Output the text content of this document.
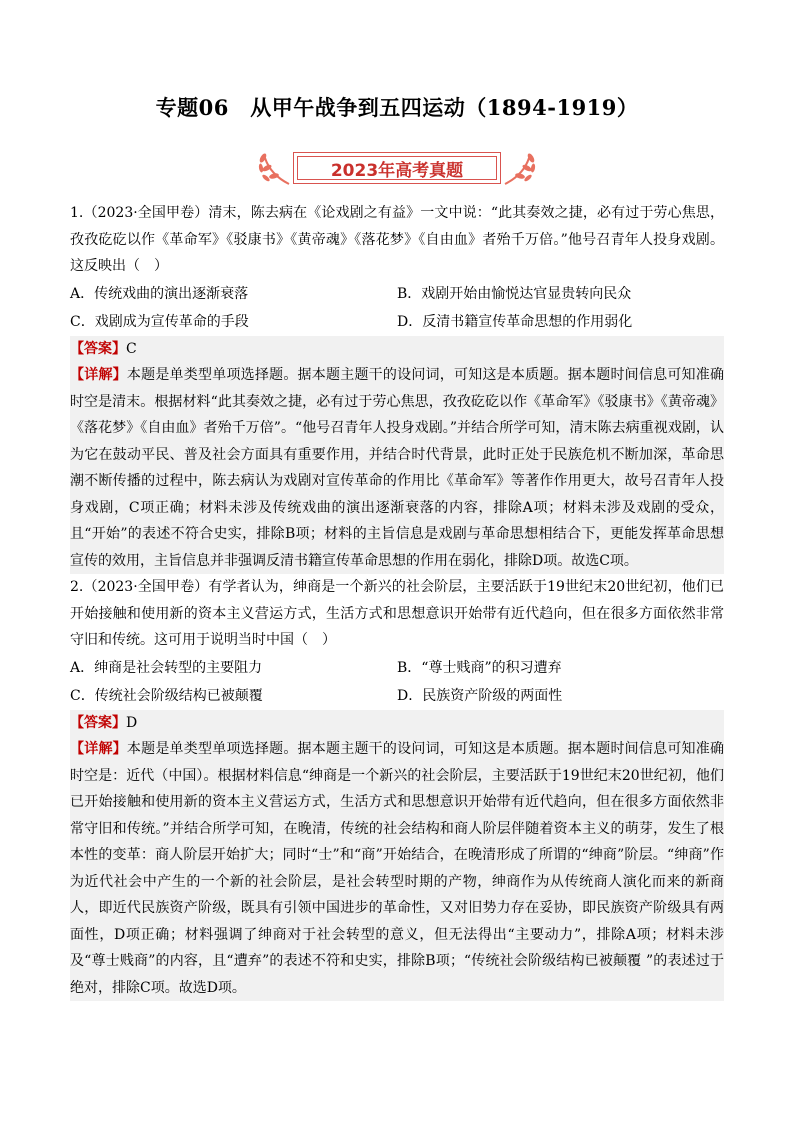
专题06　从甲午战争到五四运动（1894-1919）
2023年高考真题

1.（2023·全国甲卷）清末，陈去病在《论戏剧之有益》一文中说：“此其奏效之捷，必有过于劳心焦思，孜孜矻矻以作《革命军》《驳康书》《黄帝魂》《落花梦》《自由血》者殆千万倍。”他号召青年人投身戏剧。这反映出（　）

A．传统戏曲的演出逐渐衰落	B．戏剧开始由愉悦达官显贵转向民众
C．戏剧成为宣传革命的手段	D．反清书籍宣传革命思想的作用弱化

【答案】C

【详解】本题是单类型单项选择题。据本题主题干的设问词，可知这是本质题。据本题时间信息可知准确时空是清末。根据材料“此其奏效之捷，必有过于劳心焦思，孜孜矻矻以作《革命军》《驳康书》《黄帝魂》《落花梦》《自由血》者殆千万倍”。“他号召青年人投身戏剧。”并结合所学可知，清末陈去病重视戏剧，认为它在鼓动平民、普及社会方面具有重要作用，并结合时代背景，此时正处于民族危机不断加深，革命思潮不断传播的过程中，陈去病认为戏剧对宣传革命的作用比《革命军》等著作作用更大，故号召青年人投身戏剧，C项正确；材料未涉及传统戏曲的演出逐渐衰落的内容，排除A项；材料未涉及戏剧的受众，且“开始”的表述不符合史实，排除B项；材料的主旨信息是戏剧与革命思想相结合下，更能发挥革命思想宣传的效用，主旨信息并非强调反清书籍宣传革命思想的作用在弱化，排除D项。故选C项。

2.（2023·全国甲卷）有学者认为，绅商是一个新兴的社会阶层，主要活跃于19世纪末20世纪初，他们已开始接触和使用新的资本主义营运方式，生活方式和思想意识开始带有近代趋向，但在很多方面依然非常守旧和传统。这可用于说明当时中国（　）

A．绅商是社会转型的主要阻力	B．“尊士贱商”的积习遭弃
C．传统社会阶级结构已被颠覆	D．民族资产阶级的两面性

【答案】D

【详解】本题是单类型单项选择题。据本题主题干的设问词，可知这是本质题。据本题时间信息可知准确时空是：近代（中国）。根据材料信息“绅商是一个新兴的社会阶层，主要活跃于19世纪末20世纪初，他们已开始接触和使用新的资本主义营运方式，生活方式和思想意识开始带有近代趋向，但在很多方面依然非常守旧和传统。”并结合所学可知，在晚清，传统的社会结构和商人阶层伴随着资本主义的萌芽，发生了根本性的变革：商人阶层开始扩大；同时“士”和“商”开始结合，在晚清形成了所谓的“绅商”阶层。“绅商”作为近代社会中产生的一个新的社会阶层，是社会转型时期的产物，绅商作为从传统商人演化而来的新商人，即近代民族资产阶级，既具有引领中国进步的革命性，又对旧势力存在妥协，即民族资产阶级具有两面性，D项正确；材料强调了绅商对于社会转型的意义，但无法得出“主要动力”，排除A项；材料未涉及“尊士贱商”的内容，且“遭弃”的表述不符和史实，排除B项；“传统社会阶级结构已被颠覆 ”的表述过于绝对，排除C项。故选D项。
